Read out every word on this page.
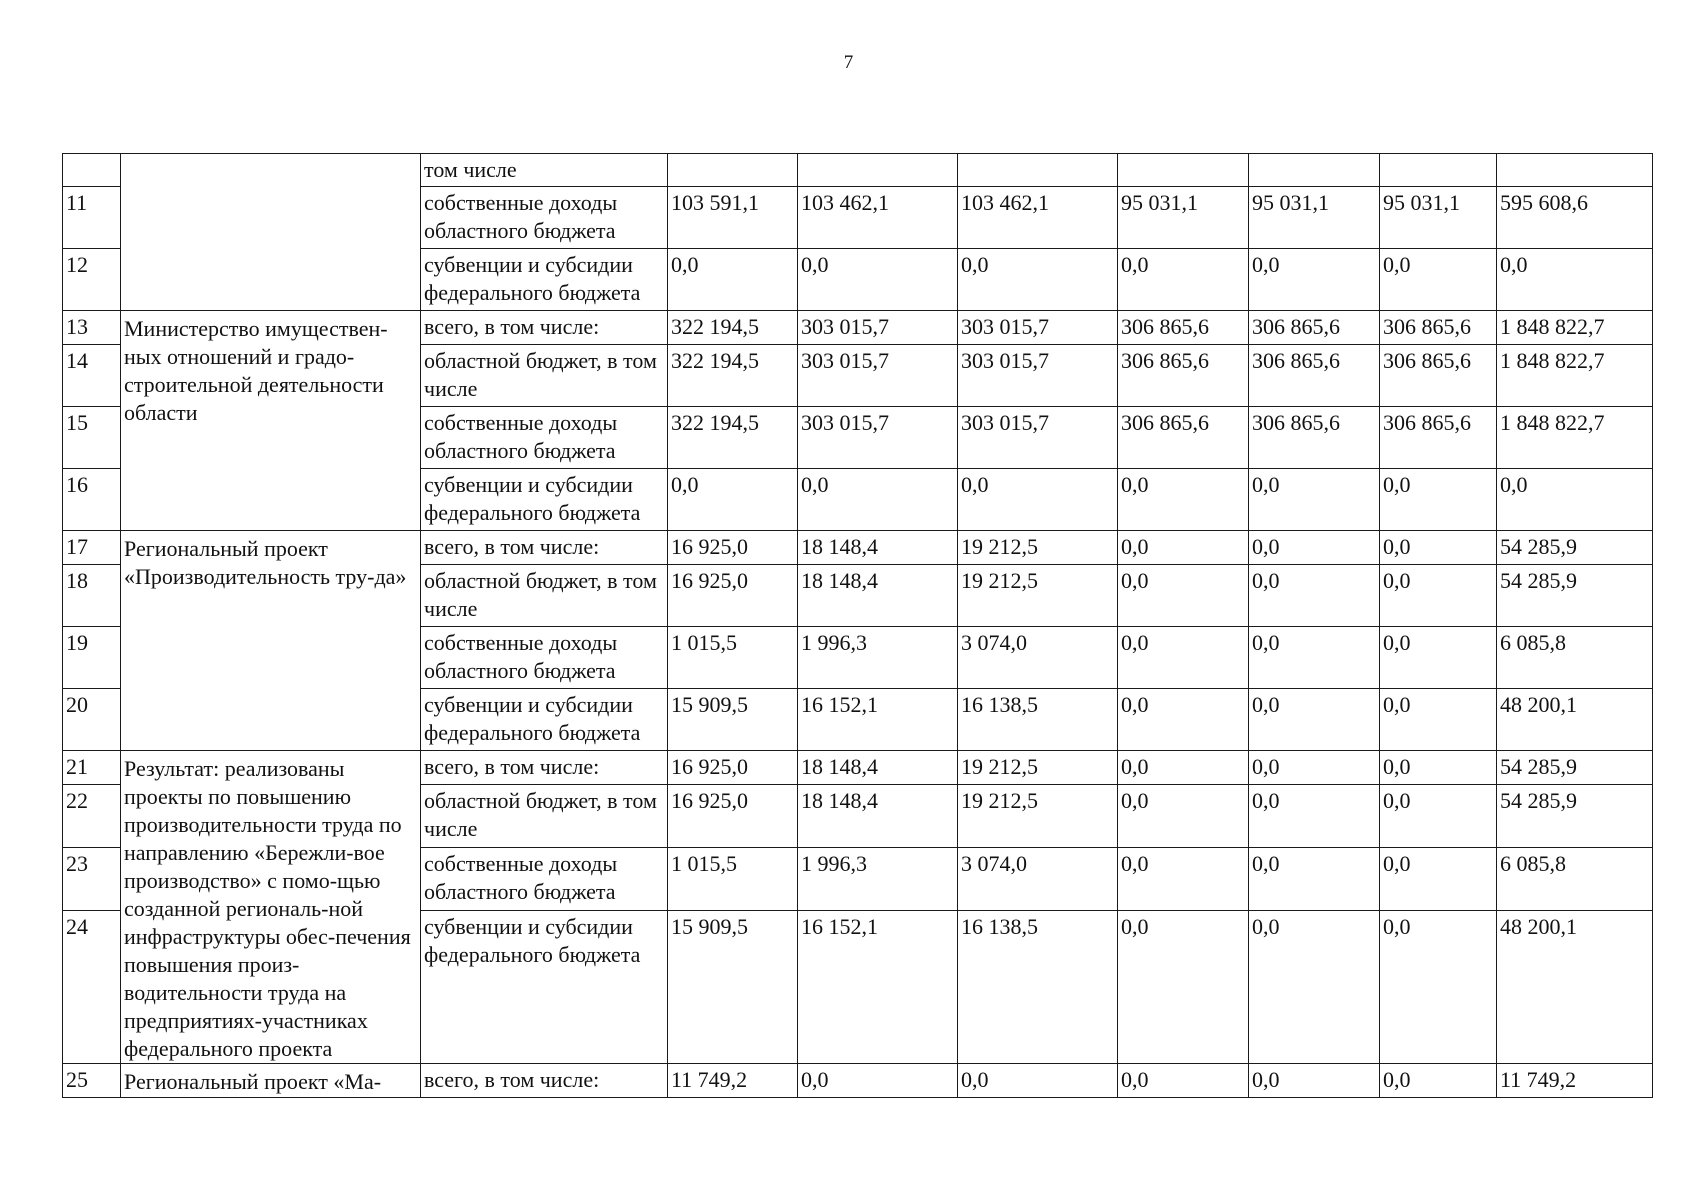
7
		том числе							
11		собственные доходы областного бюджета	103 591,1	103 462,1	103 462,1	95 031,1	95 031,1	95 031,1	595 608,6
12		субвенции и субсидии федерального бюджета	0,0	0,0	0,0	0,0	0,0	0,0	0,0
13	Министерство имуществен-ных отношений и градо-строительной деятельности области	всего, в том числе:	322 194,5	303 015,7	303 015,7	306 865,6	306 865,6	306 865,6	1 848 822,7
14		областной бюджет, в том числе	322 194,5	303 015,7	303 015,7	306 865,6	306 865,6	306 865,6	1 848 822,7
15		собственные доходы областного бюджета	322 194,5	303 015,7	303 015,7	306 865,6	306 865,6	306 865,6	1 848 822,7
16		субвенции и субсидии федерального бюджета	0,0	0,0	0,0	0,0	0,0	0,0	0,0
17	Региональный проект «Производительность тру-да»	всего, в том числе:	16 925,0	18 148,4	19 212,5	0,0	0,0	0,0	54 285,9
18		областной бюджет, в том числе	16 925,0	18 148,4	19 212,5	0,0	0,0	0,0	54 285,9
19		собственные доходы областного бюджета	1 015,5	1 996,3	3 074,0	0,0	0,0	0,0	6 085,8
20		субвенции и субсидии федерального бюджета	15 909,5	16 152,1	16 138,5	0,0	0,0	0,0	48 200,1
21	Результат: реализованы проекты по повышению производительности труда по направлению «Бережли-вое производство» с помо-щью созданной региональ-ной инфраструктуры обес-печения повышения произ-водительности труда на предприятиях-участниках федерального проекта	всего, в том числе:	16 925,0	18 148,4	19 212,5	0,0	0,0	0,0	54 285,9
22		областной бюджет, в том числе	16 925,0	18 148,4	19 212,5	0,0	0,0	0,0	54 285,9
23		собственные доходы областного бюджета	1 015,5	1 996,3	3 074,0	0,0	0,0	0,0	6 085,8
24		субвенции и субсидии федерального бюджета	15 909,5	16 152,1	16 138,5	0,0	0,0	0,0	48 200,1
25	Региональный проект «Ма-	всего, в том числе:	11 749,2	0,0	0,0	0,0	0,0	0,0	11 749,2
